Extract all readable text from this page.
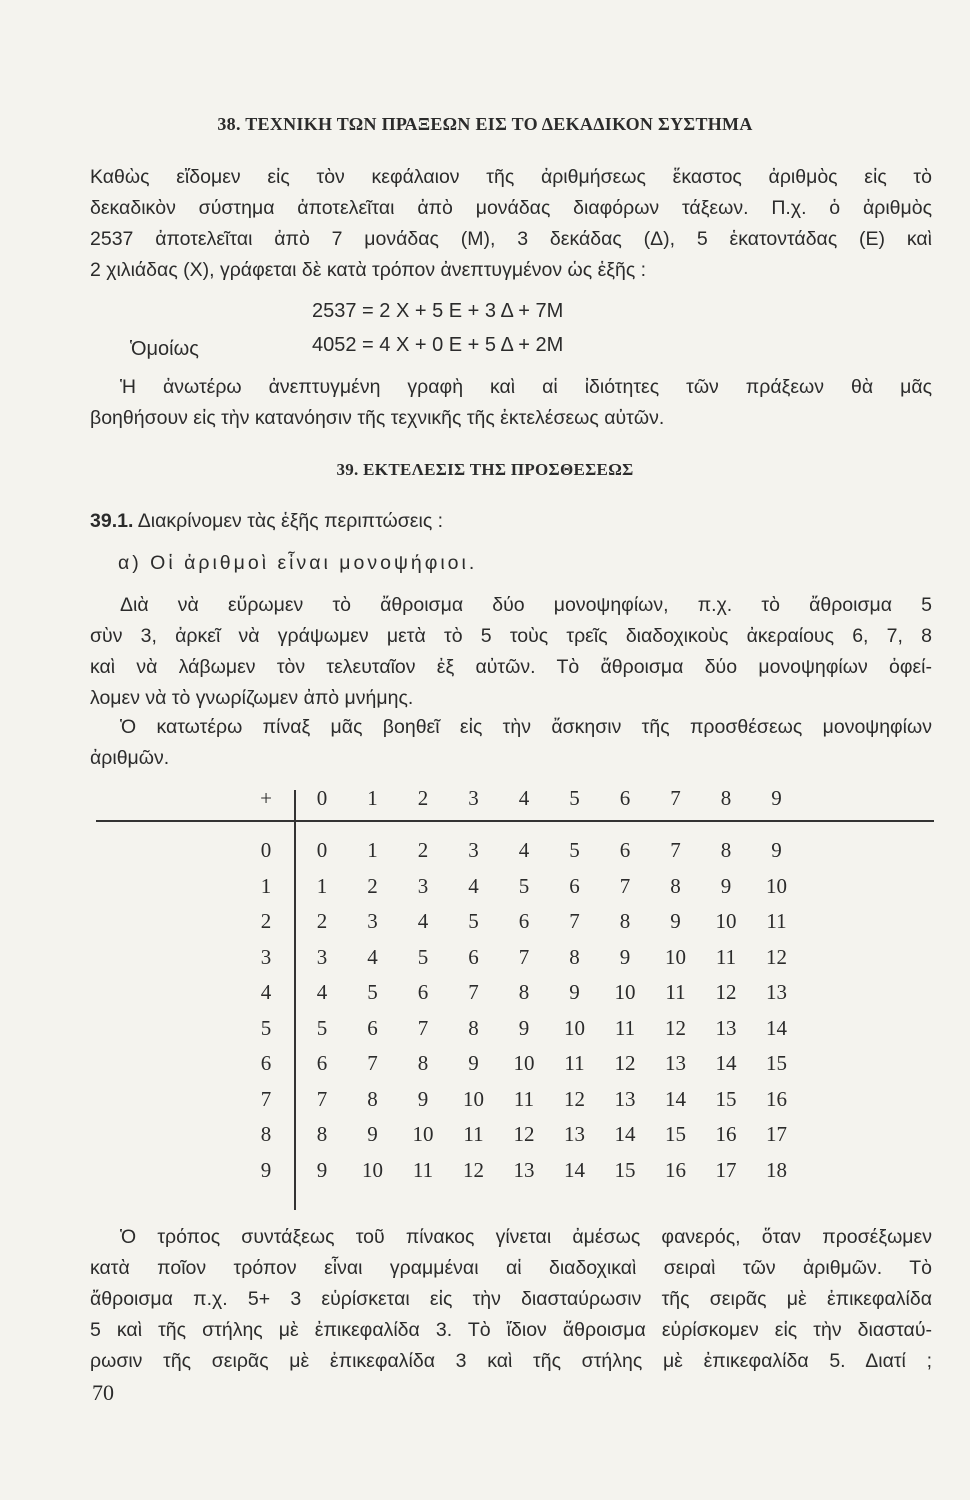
38. ΤΕΧΝΙΚΗ ΤΩΝ ΠΡΑΞΕΩΝ ΕΙΣ ΤΟ ΔΕΚΑΔΙΚΟΝ ΣΥΣΤΗΜΑ
Καθὼς εἴδομεν εἰς τὸν κεφάλαιον τῆς ἀριθμήσεως ἕκαστος ἀριθμὸς εἰς τὸ
δεκαδικὸν σύστημα ἀποτελεῖται ἀπὸ μονάδας διαφόρων τάξεων. Π.χ. ὁ ἀριθμὸς
2537 ἀποτελεῖται ἀπὸ 7 μονάδας (Μ), 3 δεκάδας (Δ), 5 ἑκατοντάδας (Ε) καὶ
2 χιλιάδας (Χ), γράφεται δὲ κατὰ τρόπον ἀνεπτυγμένον ὡς ἑξῆς :
2537 = 2 Χ + 5 Ε + 3 Δ + 7Μ
Ὁμοίως	4052 = 4 Χ + 0 Ε + 5 Δ + 2Μ
Ἡ ἀνωτέρω ἀνεπτυγμένη γραφὴ καὶ αἱ ἰδιότητες τῶν πράξεων θὰ μᾶς
βοηθήσουν εἰς τὴν κατανόησιν τῆς τεχνικῆς τῆς ἐκτελέσεως αὐτῶν.
39. ΕΚΤΕΛΕΣΙΣ ΤΗΣ ΠΡΟΣΘΕΣΕΩΣ
39.1. Διακρίνομεν τὰς ἑξῆς περιπτώσεις :
α) Οἱ ἀριθμοὶ εἶναι μονοψήφιοι.
Διὰ νὰ εὕρωμεν τὸ ἄθροισμα δύο μονοψηφίων, π.χ. τὸ ἄθροισμα 5
σὺν 3, ἀρκεῖ νὰ γράψωμεν μετὰ τὸ 5 τοὺς τρεῖς διαδοχικοὺς ἀκεραίους 6, 7, 8
καὶ νὰ λάβωμεν τὸν τελευταῖον ἐξ αὐτῶν. Τὸ ἄθροισμα δύο μονοψηφίων ὀφεί-
λομεν νὰ τὸ γνωρίζωμεν ἀπὸ μνήμης.
Ὁ κατωτέρω πίναξ μᾶς βοηθεῖ εἰς τὴν ἄσκησιν τῆς προσθέσεως μονοψηφίων
ἀριθμῶν.
+	0	1	2	3	4	5	6	7	8	9
0	0	1	2	3	4	5	6	7	8	9
1	1	2	3	4	5	6	7	8	9	10
2	2	3	4	5	6	7	8	9	10	11
3	3	4	5	6	7	8	9	10	11	12
4	4	5	6	7	8	9	10	11	12	13
5	5	6	7	8	9	10	11	12	13	14
6	6	7	8	9	10	11	12	13	14	15
7	7	8	9	10	11	12	13	14	15	16
8	8	9	10	11	12	13	14	15	16	17
9	9	10	11	12	13	14	15	16	17	18
Ὁ τρόπος συντάξεως τοῦ πίνακος γίνεται ἀμέσως φανερός, ὅταν προσέξωμεν
κατὰ ποῖον τρόπον εἶναι γραμμέναι αἱ διαδοχικαὶ σειραὶ τῶν ἀριθμῶν. Τὸ
ἄθροισμα π.χ. 5+ 3 εὑρίσκεται εἰς τὴν διασταύρωσιν τῆς σειρᾶς μὲ ἐπικεφαλίδα
5 καὶ τῆς στήλης μὲ ἐπικεφαλίδα 3. Τὸ ἴδιον ἄθροισμα εὑρίσκομεν εἰς τὴν διασταύ-
ρωσιν τῆς σειρᾶς μὲ ἐπικεφαλίδα 3 καὶ τῆς στήλης μὲ ἐπικεφαλίδα 5. Διατί ;
70
